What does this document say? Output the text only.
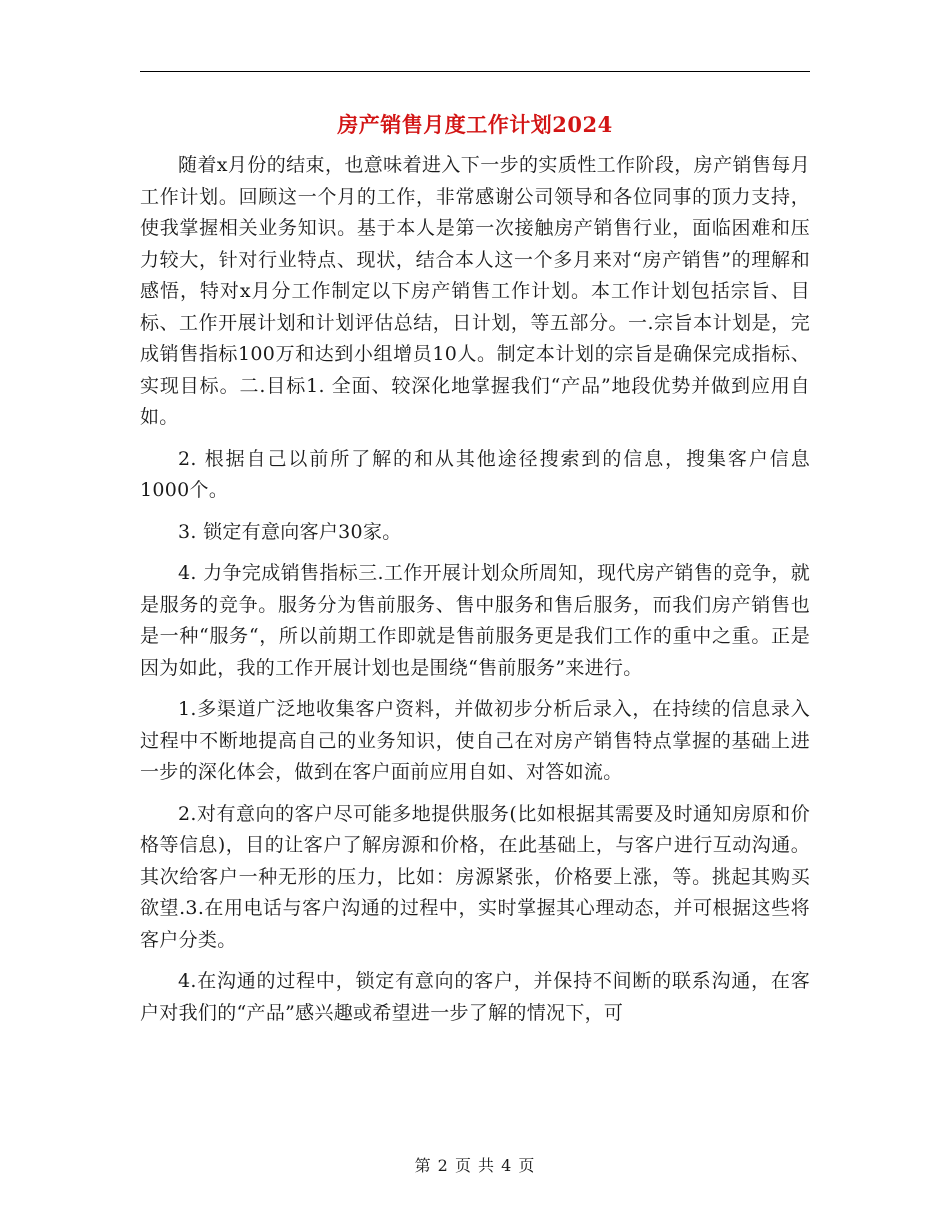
房产销售月度工作计划2024

随着x月份的结束，也意味着进入下一步的实质性工作阶段，房产销售每月工作计划。回顾这一个月的工作，非常感谢公司领导和各位同事的顶力支持，使我掌握相关业务知识。基于本人是第一次接触房产销售行业，面临困难和压力较大，针对行业特点、现状，结合本人这一个多月来对“房产销售”的理解和感悟，特对x月分工作制定以下房产销售工作计划。本工作计划包括宗旨、目标、工作开展计划和计划评估总结，日计划，等五部分。一.宗旨本计划是，完成销售指标100万和达到小组增员10人。制定本计划的宗旨是确保完成指标、实现目标。二.目标1. 全面、较深化地掌握我们“产品”地段优势并做到应用自如。

2. 根据自己以前所了解的和从其他途径搜索到的信息，搜集客户信息1000个。

3. 锁定有意向客户30家。

4. 力争完成销售指标三.工作开展计划众所周知，现代房产销售的竞争，就是服务的竞争。服务分为售前服务、售中服务和售后服务，而我们房产销售也是一种“服务“，所以前期工作即就是售前服务更是我们工作的重中之重。正是因为如此，我的工作开展计划也是围绕“售前服务”来进行。

1.多渠道广泛地收集客户资料，并做初步分析后录入，在持续的信息录入过程中不断地提高自己的业务知识，使自己在对房产销售特点掌握的基础上进一步的深化体会，做到在客户面前应用自如、对答如流。

2.对有意向的客户尽可能多地提供服务(比如根据其需要及时通知房原和价格等信息)，目的让客户了解房源和价格，在此基础上，与客户进行互动沟通。其次给客户一种无形的压力，比如：房源紧张，价格要上涨，等。挑起其购买欲望.3.在用电话与客户沟通的过程中，实时掌握其心理动态，并可根据这些将客户分类。

4.在沟通的过程中，锁定有意向的客户，并保持不间断的联系沟通，在客户对我们的“产品”感兴趣或希望进一步了解的情况下，可

第 2 页 共 4 页
